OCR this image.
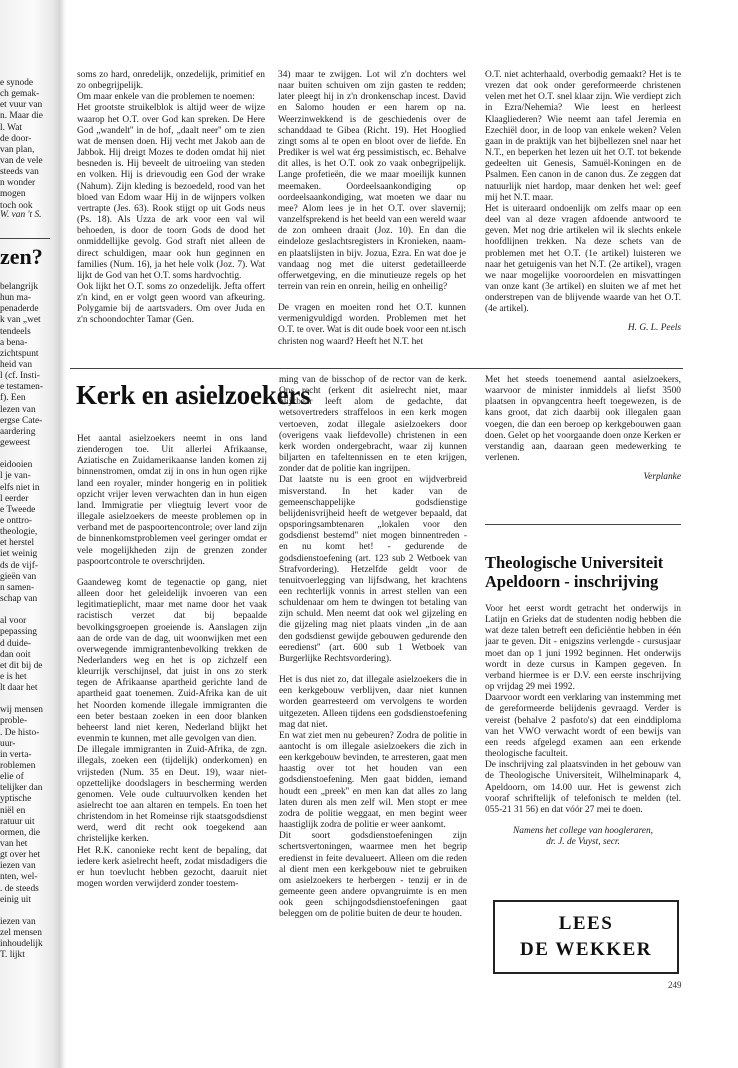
e synode
ch gemak-
et vuur van
n. Maar die
l. Wat
de door-
van plan,
van de vele
steeds van
n wonder
mogen
toch ook
W. van 't S.
zen?
belangrijk
hun ma-
penaderde
k van „wet
tendeels
a bena-
zichtspunt
heid van
l (cf. Insti-
e testamen-
f). Een
lezen van
ergse Cate-
aardering
geweest
eidooien
l je van-
elfs niet in
l eerder
e Tweede
e onttro-
theologie,
et herstel
iet weinig
ds de vijf-
gieën van
n samen-
schap van
al voor
pepassing
d duide-
dan ooit
et dit bij de
e is het
lt daar het
wij mensen
proble-
. De histo-
uur-
in verta-
roblemen
elie of
telijker dan
yptische
niël en
ratuur uit
ormen, die
van het
gt over het
iezen van
nten, wel-
. de steeds
einig uit
iezen van
zel mensen
inhoudelijk
T. lijkt

soms zo hard, onredelijk, onzedelijk, primitief en zo onbegrijpelijk.
Om maar enkele van die problemen te noemen:
Het grootste struikelblok is altijd weer de wijze waarop het O.T. over God kan spreken. De Here God „wandelt'' in de hof, „daalt neer'' om te zien wat de mensen doen. Hij vecht met Jakob aan de Jabbok. Hij dreigt Mozes te doden omdat hij niet besneden is. Hij beveelt de uitroeiing van steden en volken. Hij is drievoudig een God der wrake (Nahum). Zijn kleding is bezoedeld, rood van het bloed van Edom waar Hij in de wijnpers volken vertrapte (Jes. 63). Rook stijgt op uit Gods neus (Ps. 18). Als Uzza de ark voor een val wil behoeden, is door de toorn Gods de dood het onmiddellijke gevolg. God straft niet alleen de direct schuldigen, maar ook hun geginnen en families (Num. 16), ja het hele volk (Joz. 7). Wat lijkt de God van het O.T. soms hardvochtig.
Ook lijkt het O.T. soms zo onzedelijk. Jefta offert z'n kind, en er volgt geen woord van afkeuring. Polygamie bij de aartsvaders. Om over Juda en z'n schoondochter Tamar (Gen.

34) maar te zwijgen. Lot wil z'n dochters wel naar buiten schuiven om zijn gasten te redden; later pleegt hij in z'n dronkenschap incest. David en Salomo houden er een harem op na. Weerzinwekkend is de geschiedenis over de schanddaad te Gibea (Richt. 19). Het Hooglied zingt soms al te open en bloot over de liefde. En Prediker is wel wat érg pessimistisch, ec. Behalve dit alles, is het O.T. ook zo vaak onbegrijpelijk. Lange profetieën, die we maar moeilijk kunnen meemaken. Oordeelsaankondiging op oordeelsaankondiging, wat moeten we daar nu mee? Alom lees je in het O.T. over slavernij; vanzelfsprekend is het beeld van een wereld waar de zon omheen draait (Joz. 10). En dan die eindeloze geslachtsregisters in Kronieken, naam- en plaatslijsten in bijv. Jozua, Ezra. En wat doe je vandaag nog met die uiterst gedetailleerde offerwetgeving, en die minutieuze regels op het terrein van rein en onrein, heilig en onheilig?

De vragen en moeiten rond het O.T. kunnen vermenigvuldigd worden. Problemen met het O.T. te over. Wat is dit oude boek voor een nt.isch christen nog waard? Heeft het N.T. het

O.T. niet achterhaald, overbodig gemaakt? Het is te vrezen dat ook onder gereformeerde christenen velen met het O.T. snel klaar zijn. Wie verdiept zich in Ezra/Nehemia? Wie leest en herleest Klaagliederen? Wie neemt aan tafel Jeremia en Ezechiël door, in de loop van enkele weken? Velen gaan in de praktijk van het bijbellezen snel naar het N.T., en beperken het lezen uit het O.T. tot bekende gedeelten uit Genesis, Samuël-Koningen en de Psalmen. Een canon in de canon dus. Ze zeggen dat natuurlijk niet hardop, maar denken het wel: geef mij het N.T. maar.
Het is uiteraard ondoenlijk om zelfs maar op een deel van al deze vragen afdoende antwoord te geven. Met nog drie artikelen wil ik slechts enkele hoofdlijnen trekken. Na deze schets van de problemen met het O.T. (1e artikel) luisteren we naar het getuigenis van het N.T. (2e artikel), vragen we naar mogelijke vooroordelen en misvattingen van onze kant (3e artikel) en sluiten we af met het onderstrepen van de blijvende waarde van het O.T. (4e artikel).

H. G. L. Peels
Kerk en asielzoekers

Het aantal asielzoekers neemt in ons land zienderogen toe. Uit allerlei Afrikaanse, Aziatische en Zuidamerikaanse landen komen zij binnenstromen, omdat zij in ons in hun ogen rijke land een royaler, minder hongerig en in politiek opzicht vrijer leven verwachten dan in hun eigen land. Immigratie per vliegtuig levert voor de illegale asielzoekers de meeste problemen op in verband met de paspoortencontrole; over land zijn de binnenkomstproblemen veel geringer omdat er vele mogelijkheden zijn de grenzen zonder paspoortcontrole te overschrijden.

Gaandeweg komt de tegenactie op gang, niet alleen door het geleidelijk invoeren van een legitimatieplicht, maar met name door het vaak racistisch verzet dat bij bepaalde bevolkingsgroepen groeiende is. Aanslagen zijn aan de orde van de dag, uit woonwijken met een overwegende immigrantenbevolking trekken de Nederlanders weg en het is op zichzelf een kleurrijk verschijnsel, dat juist in ons zo sterk tegen de Afrikaanse apartheid gerichte land de apartheid gaat toenemen. Zuid-Afrika kan de uit het Noorden komende illegale immigranten die een beter bestaan zoeken in een door blanken beheerst land niet keren, Nederland blijkt het evenmin te kunnen, met alle gevolgen van dien.
De illegale immigranten in Zuid-Afrika, de zgn. illegals, zoeken een (tijdelijk) onderkomen) en vrijsteden (Num. 35 en Deut. 19), waar niet-opzettelijke doodslagers in bescherming werden genomen. Vele oude cultuurvolken kenden het asielrecht toe aan altaren en tempels. En toen het christendom in het Romeinse rijk staatsgodsdienst werd, werd dit recht ook toegekend aan christelijke kerken.
Het R.K. canonieke recht kent de bepaling, dat iedere kerk asielrecht heeft, zodat misdadigers die er hun toevlucht hebben gezocht, daaruit niet mogen worden verwijderd zonder toestem-

ming van de bisschop of de rector van de kerk. Ons recht (erkent dit asielrecht niet, maar blijkbaar leeft alom de gedachte, dat wetsovertreders straffeloos in een kerk mogen vertoeven, zodat illegale asielzoekers door (overigens vaak liefdevolle) christenen in een kerk worden ondergebracht, waar zij kunnen biljarten en tafeltennissen en te eten krijgen, zonder dat de politie kan ingrijpen.
Dat laatste nu is een groot en wijdverbreid misverstand. In het kader van de gemeenschappelijke godsdienstige belijdenisvrijheid heeft de wetgever bepaald, dat opsporingsambtenaren „lokalen voor den godsdienst bestemd'' niet mogen binnentreden - en nu komt het! - gedurende de godsdienstoefening (art. 123 sub 2 Wetboek van Strafvordering). Hetzelfde geldt voor de tenuitvoerlegging van lijfsdwang, het krachtens een rechterlijk vonnis in arrest stellen van een schuldenaar om hem te dwingen tot betaling van zijn schuld. Men neemt dat ook wel gijzeling en die gijzeling mag niet plaats vinden „in de aan den godsdienst gewijde gebouwen gedurende den eeredienst'' (art. 600 sub 1 Wetboek van Burgerlijke Rechtsvordering).

Het is dus niet zo, dat illegale asielzoekers die in een kerkgebouw verblijven, daar niet kunnen worden gearresteerd om vervolgens te worden uitgezeten. Alleen tijdens een godsdienstoefening mag dat niet.
En wat ziet men nu gebeuren? Zodra de politie in aantocht is om illegale asielzoekers die zich in een kerkgebouw bevinden, te arresteren, gaat men haastig over tot het houden van een godsdienstoefening. Men gaat bidden, iemand houdt een „preek'' en men kan dat alles zo lang laten duren als men zelf wil. Men stopt er mee zodra de politie weggaat, en men begint weer haastiglijk zodra de politie er weer aankomt.
Dit soort godsdienstoefeningen zijn schertsvertoningen, waarmee men het begrip eredienst in feite devalueert. Alleen om die reden al dient men een kerkgebouw niet te gebruiken om asielzoekers te herbergen - tenzij er in de gemeente geen andere opvangruimte is en men ook geen schijngodsdienstoefeningen gaat beleggen om de politie buiten de deur te houden.

Met het steeds toenemend aantal asielzoekers, waarvoor de minister inmiddels al liefst 3500 plaatsen in opvangcentra heeft toegewezen, is de kans groot, dat zich daarbij ook illegalen gaan voegen, die dan een beroep op kerkgebouwen gaan doen. Gelet op het voorgaande doen onze Kerken er verstandig aan, daaraan geen medewerking te verlenen.

Verplanke
Theologische Universiteit Apeldoorn - inschrijving

Voor het eerst wordt getracht het onderwijs in Latijn en Grieks dat de studenten nodig hebben die wat deze talen betreft een deficiëntie hebben in één jaar te geven. Dit - enigszins verlengde - cursusjaar moet dan op 1 juni 1992 beginnen. Het onderwijs wordt in deze cursus in Kampen gegeven. In verband hiermee is er D.V. een eerste inschrijving op vrijdag 29 mei 1992.
Daarvoor wordt een verklaring van instemming met de gereformeerde belijdenis gevraagd. Verder is vereist (behalve 2 pasfoto's) dat een einddiploma van het VWO verwacht wordt of een bewijs van een reeds afgelegd examen aan een erkende theologische faculteit.
De inschrijving zal plaatsvinden in het gebouw van de Theologische Universiteit, Wilhelminapark 4, Apeldoorn, om 14.00 uur. Het is gewenst zich vooraf schriftelijk of telefonisch te melden (tel. 055-21 31 56) en dat vóór 27 mei te doen.

Namens het college van hoogleraren,
dr. J. de Vuyst, secr.
LEES
DE WEKKER
249
